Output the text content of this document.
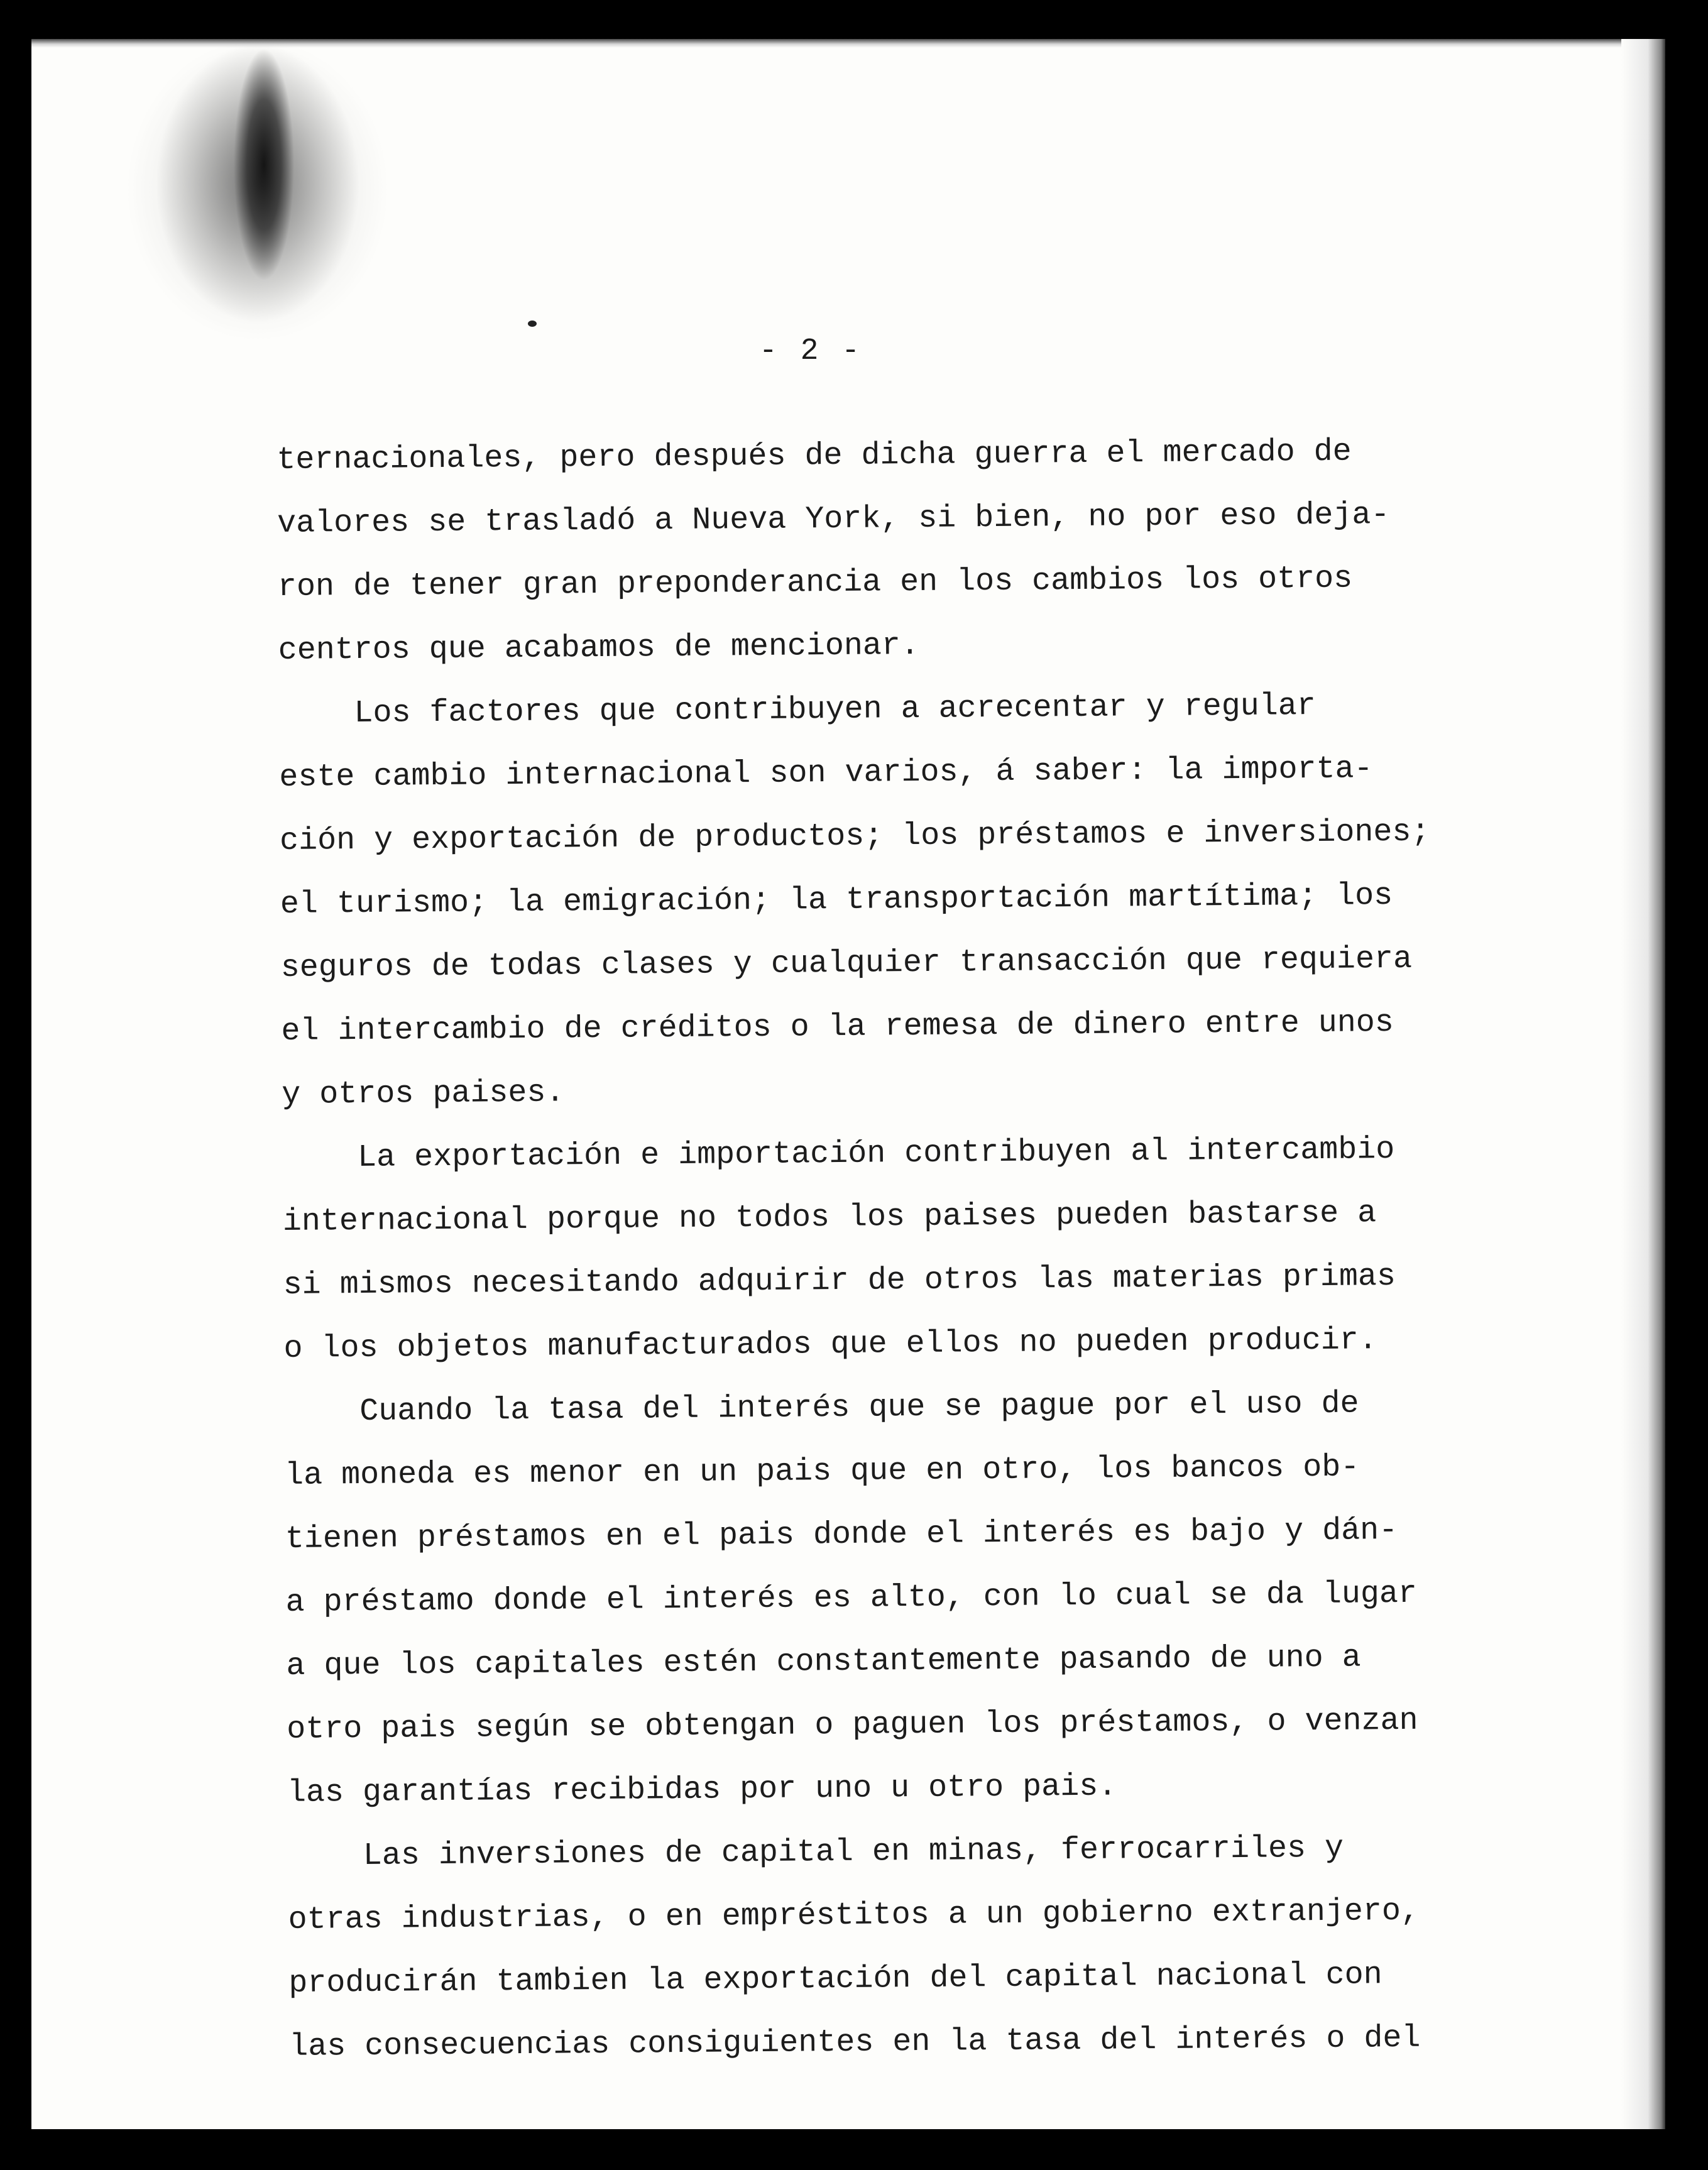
- 2 -
ternacionales, pero después de dicha guerra el mercado de
valores se trasladó a Nueva York, si bien, no por eso deja-
ron de tener gran preponderancia en los cambios los otros
centros que acabamos de mencionar.
Los factores que contribuyen a acrecentar y regular
este cambio internacional son varios, á saber: la importa-
ción y exportación de productos; los préstamos e inversiones;
el turismo; la emigración; la transportación martítima; los
seguros de todas clases y cualquier transacción que requiera
el intercambio de créditos o la remesa de dinero entre unos
y otros paises.
La exportación e importación contribuyen al intercambio
internacional porque no todos los paises pueden bastarse a
si mismos necesitando adquirir de otros las materias primas
o los objetos manufacturados que ellos no pueden producir.
Cuando la tasa del interés que se pague por el uso de
la moneda es menor en un pais que en otro, los bancos ob-
tienen préstamos en el pais donde el interés es bajo y dán-
a préstamo donde el interés es alto, con lo cual se da lugar
a que los capitales estén constantemente pasando de uno a
otro pais según se obtengan o paguen los préstamos, o venzan
las garantías recibidas por uno u otro pais.
Las inversiones de capital en minas, ferrocarriles y
otras industrias, o en empréstitos a un gobierno extranjero,
producirán tambien la exportación del capital nacional con
las consecuencias consiguientes en la tasa del interés o del
